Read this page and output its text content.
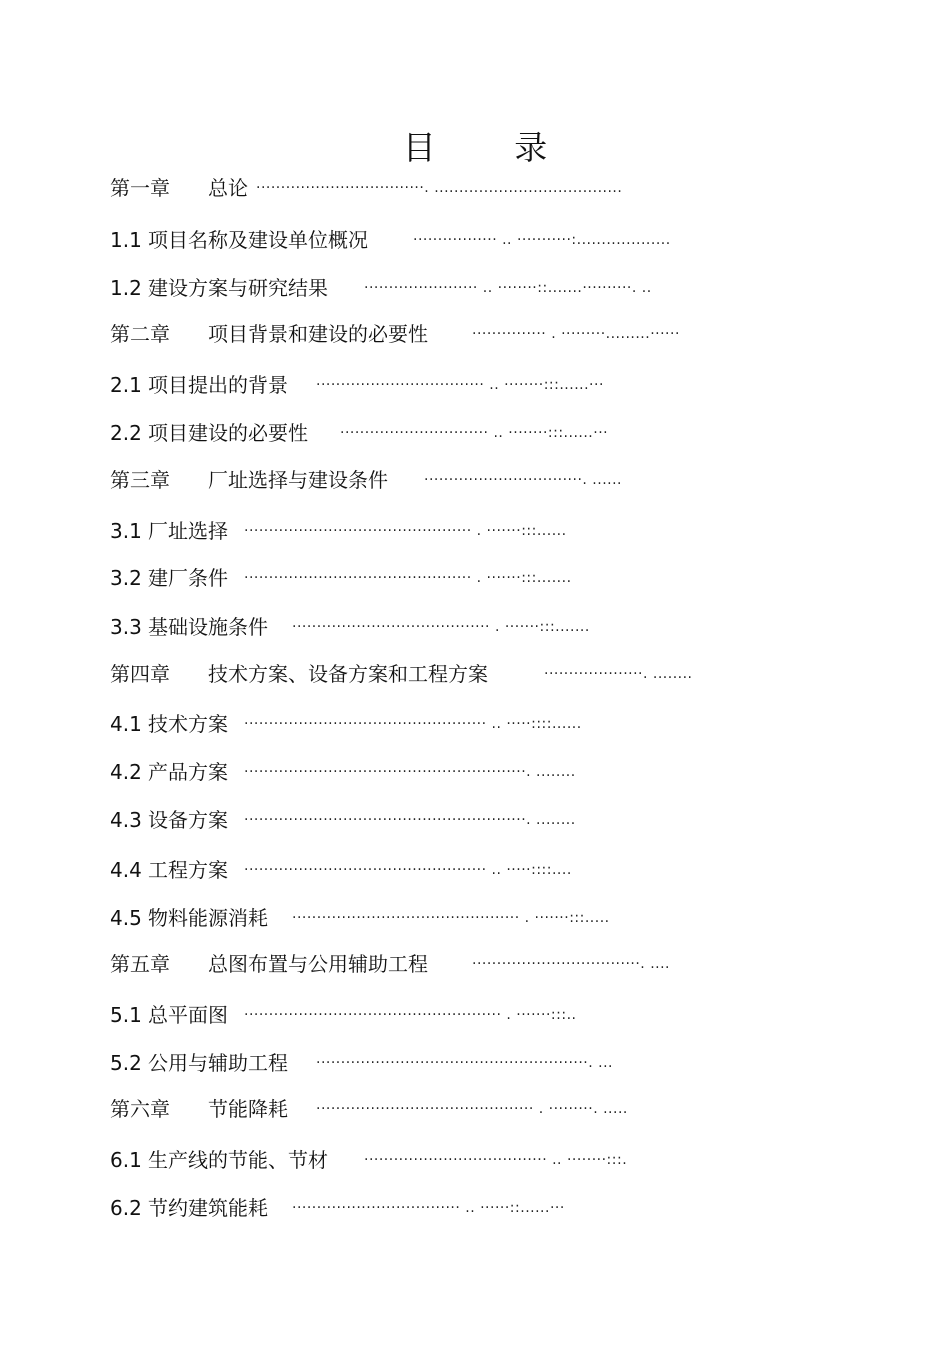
目 录
第一章 总论 ··································. ......................................
1.1 项目名称及建设单位概况	················· .. ···········:...................
1.2 建设方案与研究结果	······················· .. ········::.......··········. ..
第二章 项目背景和建设的必要性	··············· . ·········.........······
2.1 项目提出的背景 ·································· .. ········:::......···
2.2 项目建设的必要性 ······························ .. ········:::......···
第三章 厂址选择与建设条件	································. ......
3.1 厂址选择 ·············································· . ·······:::......
3.2 建厂条件 ·············································· . ·······:::.......
3.3 基础设施条件 ········································ . ·······:::.......
第四章 技术方案、设备方案和工程方案	····················. ........
4.1 技术方案 ················································· .. ·····::::......
4.2 产品方案 ·························································. ........
4.3 设备方案 ·························································. ........
4.4 工程方案 ················································· .. ·····::::....
4.5 物料能源消耗 ·············································· . ·······:::.....
第五章 总图布置与公用辅助工程	··································. ....
5.1 总平面图 ···················································· . ·······:::..
5.2 公用与辅助工程 ·······················································. ...
第六章 节能降耗 ············································ . ·········. .....
6.1 生产线的节能、节材	····································· .. ········:::.
6.2 节约建筑能耗 ·································· .. ······::......···
